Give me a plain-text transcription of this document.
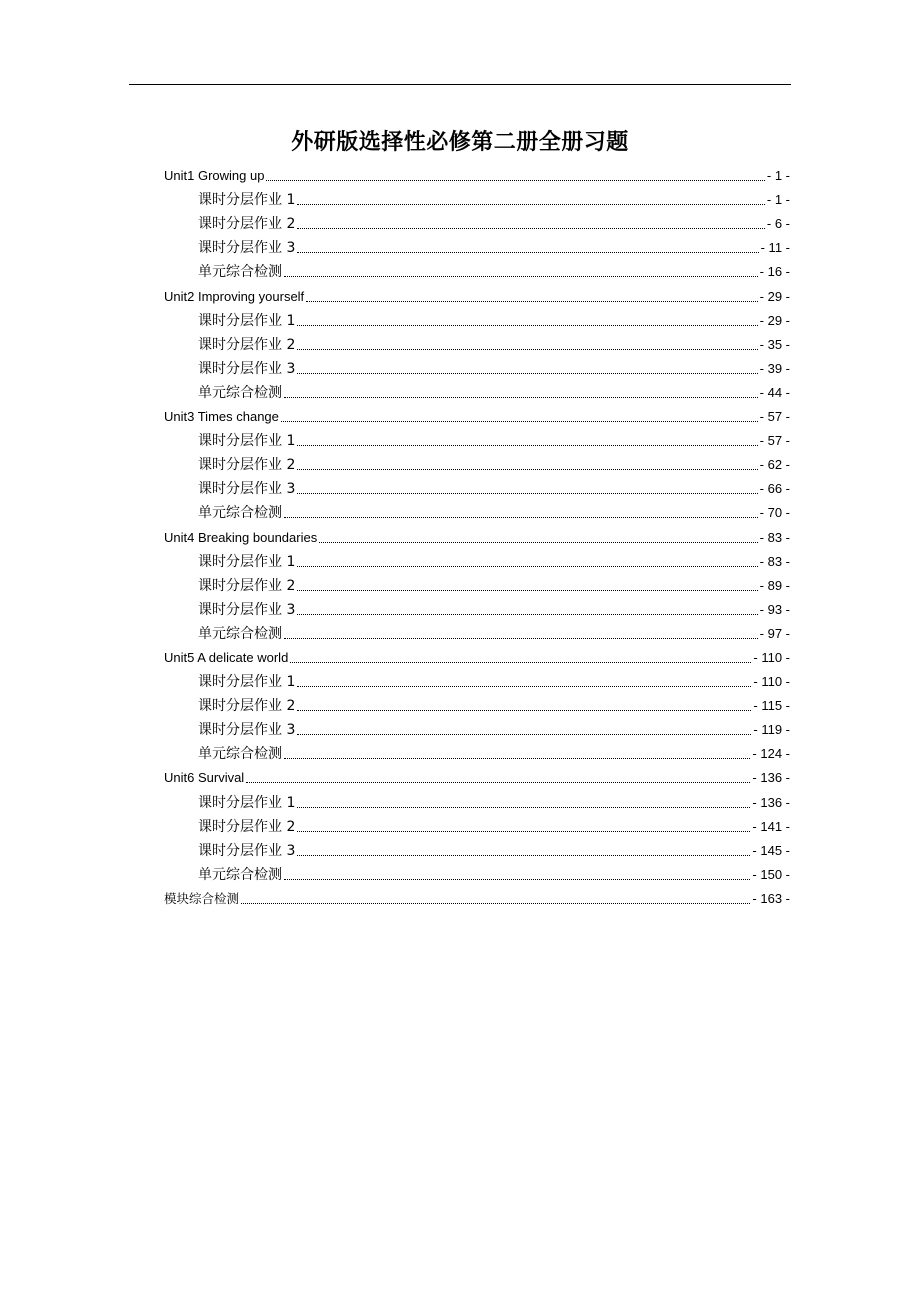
外研版选择性必修第二册全册习题
Unit1 Growing up	- 1 -
课时分层作业 1	- 1 -
课时分层作业 2	- 6 -
课时分层作业 3	- 11 -
单元综合检测	- 16 -
Unit2 Improving yourself	- 29 -
课时分层作业 1	- 29 -
课时分层作业 2	- 35 -
课时分层作业 3	- 39 -
单元综合检测	- 44 -
Unit3 Times change	- 57 -
课时分层作业 1	- 57 -
课时分层作业 2	- 62 -
课时分层作业 3	- 66 -
单元综合检测	- 70 -
Unit4 Breaking boundaries	- 83 -
课时分层作业 1	- 83 -
课时分层作业 2	- 89 -
课时分层作业 3	- 93 -
单元综合检测	- 97 -
Unit5 A delicate world	- 110 -
课时分层作业 1	- 110 -
课时分层作业 2	- 115 -
课时分层作业 3	- 119 -
单元综合检测	- 124 -
Unit6 Survival	- 136 -
课时分层作业 1	- 136 -
课时分层作业 2	- 141 -
课时分层作业 3	- 145 -
单元综合检测	- 150 -
模块综合检测	- 163 -
